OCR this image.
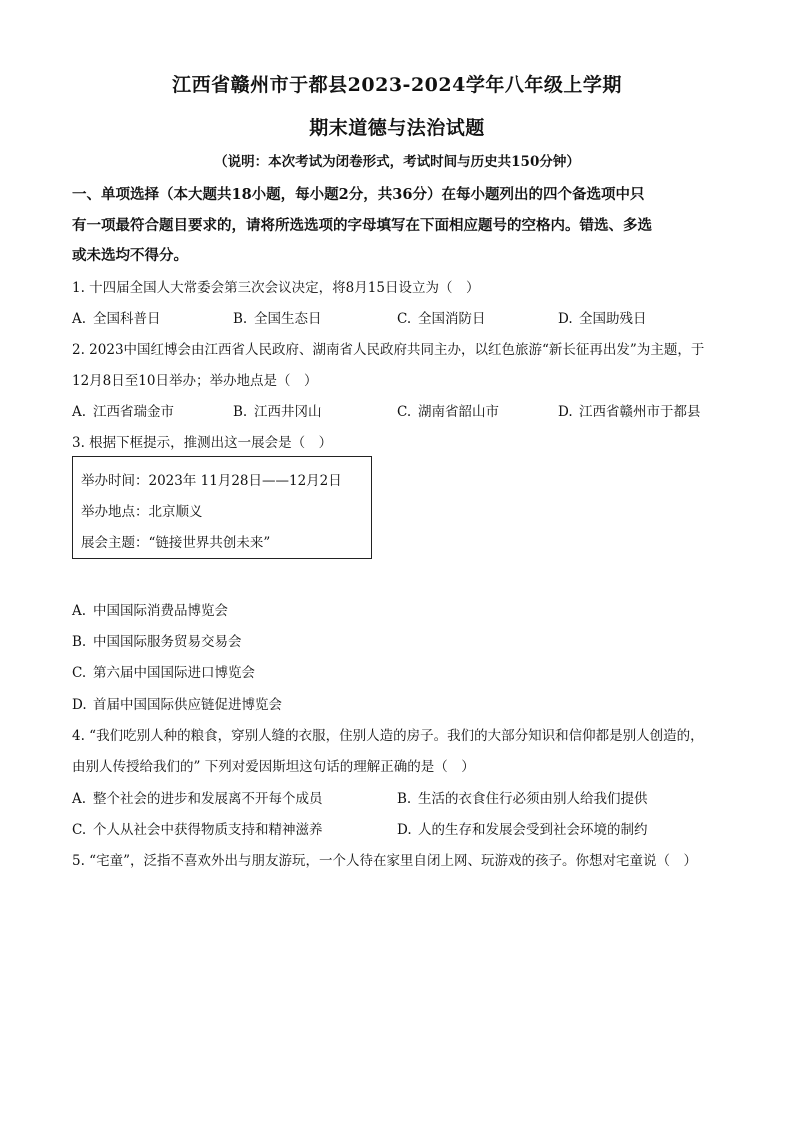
江西省赣州市于都县2023-2024学年八年级上学期
期末道德与法治试题
（说明：本次考试为闭卷形式，考试时间与历史共150分钟）
一、单项选择（本大题共18小题，每小题2分，共36分）在每小题列出的四个备选项中只
有一项最符合题目要求的，请将所选选项的字母填写在下面相应题号的空格内。错选、多选
或未选均不得分。
1. 十四届全国人大常委会第三次会议决定，将8月15日设立为（　）
A. 全国科普日	B. 全国生态日	C. 全国消防日	D. 全国助残日
2. 2023中国红博会由江西省人民政府、湖南省人民政府共同主办，以红色旅游“新长征再出发”为主题，于
12月8日至10日举办；举办地点是（　）
A. 江西省瑞金市	B. 江西井冈山	C. 湖南省韶山市	D. 江西省赣州市于都县
3. 根据下框提示，推测出这一展会是（　）
举办时间：2023年 11月28日——12月2日
举办地点：北京顺义
展会主题：“链接世界共创未来”
A. 中国国际消费品博览会
B. 中国国际服务贸易交易会
C. 第六届中国国际进口博览会
D. 首届中国国际供应链促进博览会
4. “我们吃别人种的粮食，穿别人缝的衣服，住别人造的房子。我们的大部分知识和信仰都是别人创造的，
由别人传授给我们的” 下列对爱因斯坦这句话的理解正确的是（　）
A. 整个社会的进步和发展离不开每个成员	B. 生活的衣食住行必须由别人给我们提供
C. 个人从社会中获得物质支持和精神滋养	D. 人的生存和发展会受到社会环境的制约
5. “宅童”，泛指不喜欢外出与朋友游玩，一个人待在家里自闭上网、玩游戏的孩子。你想对宅童说（　）
